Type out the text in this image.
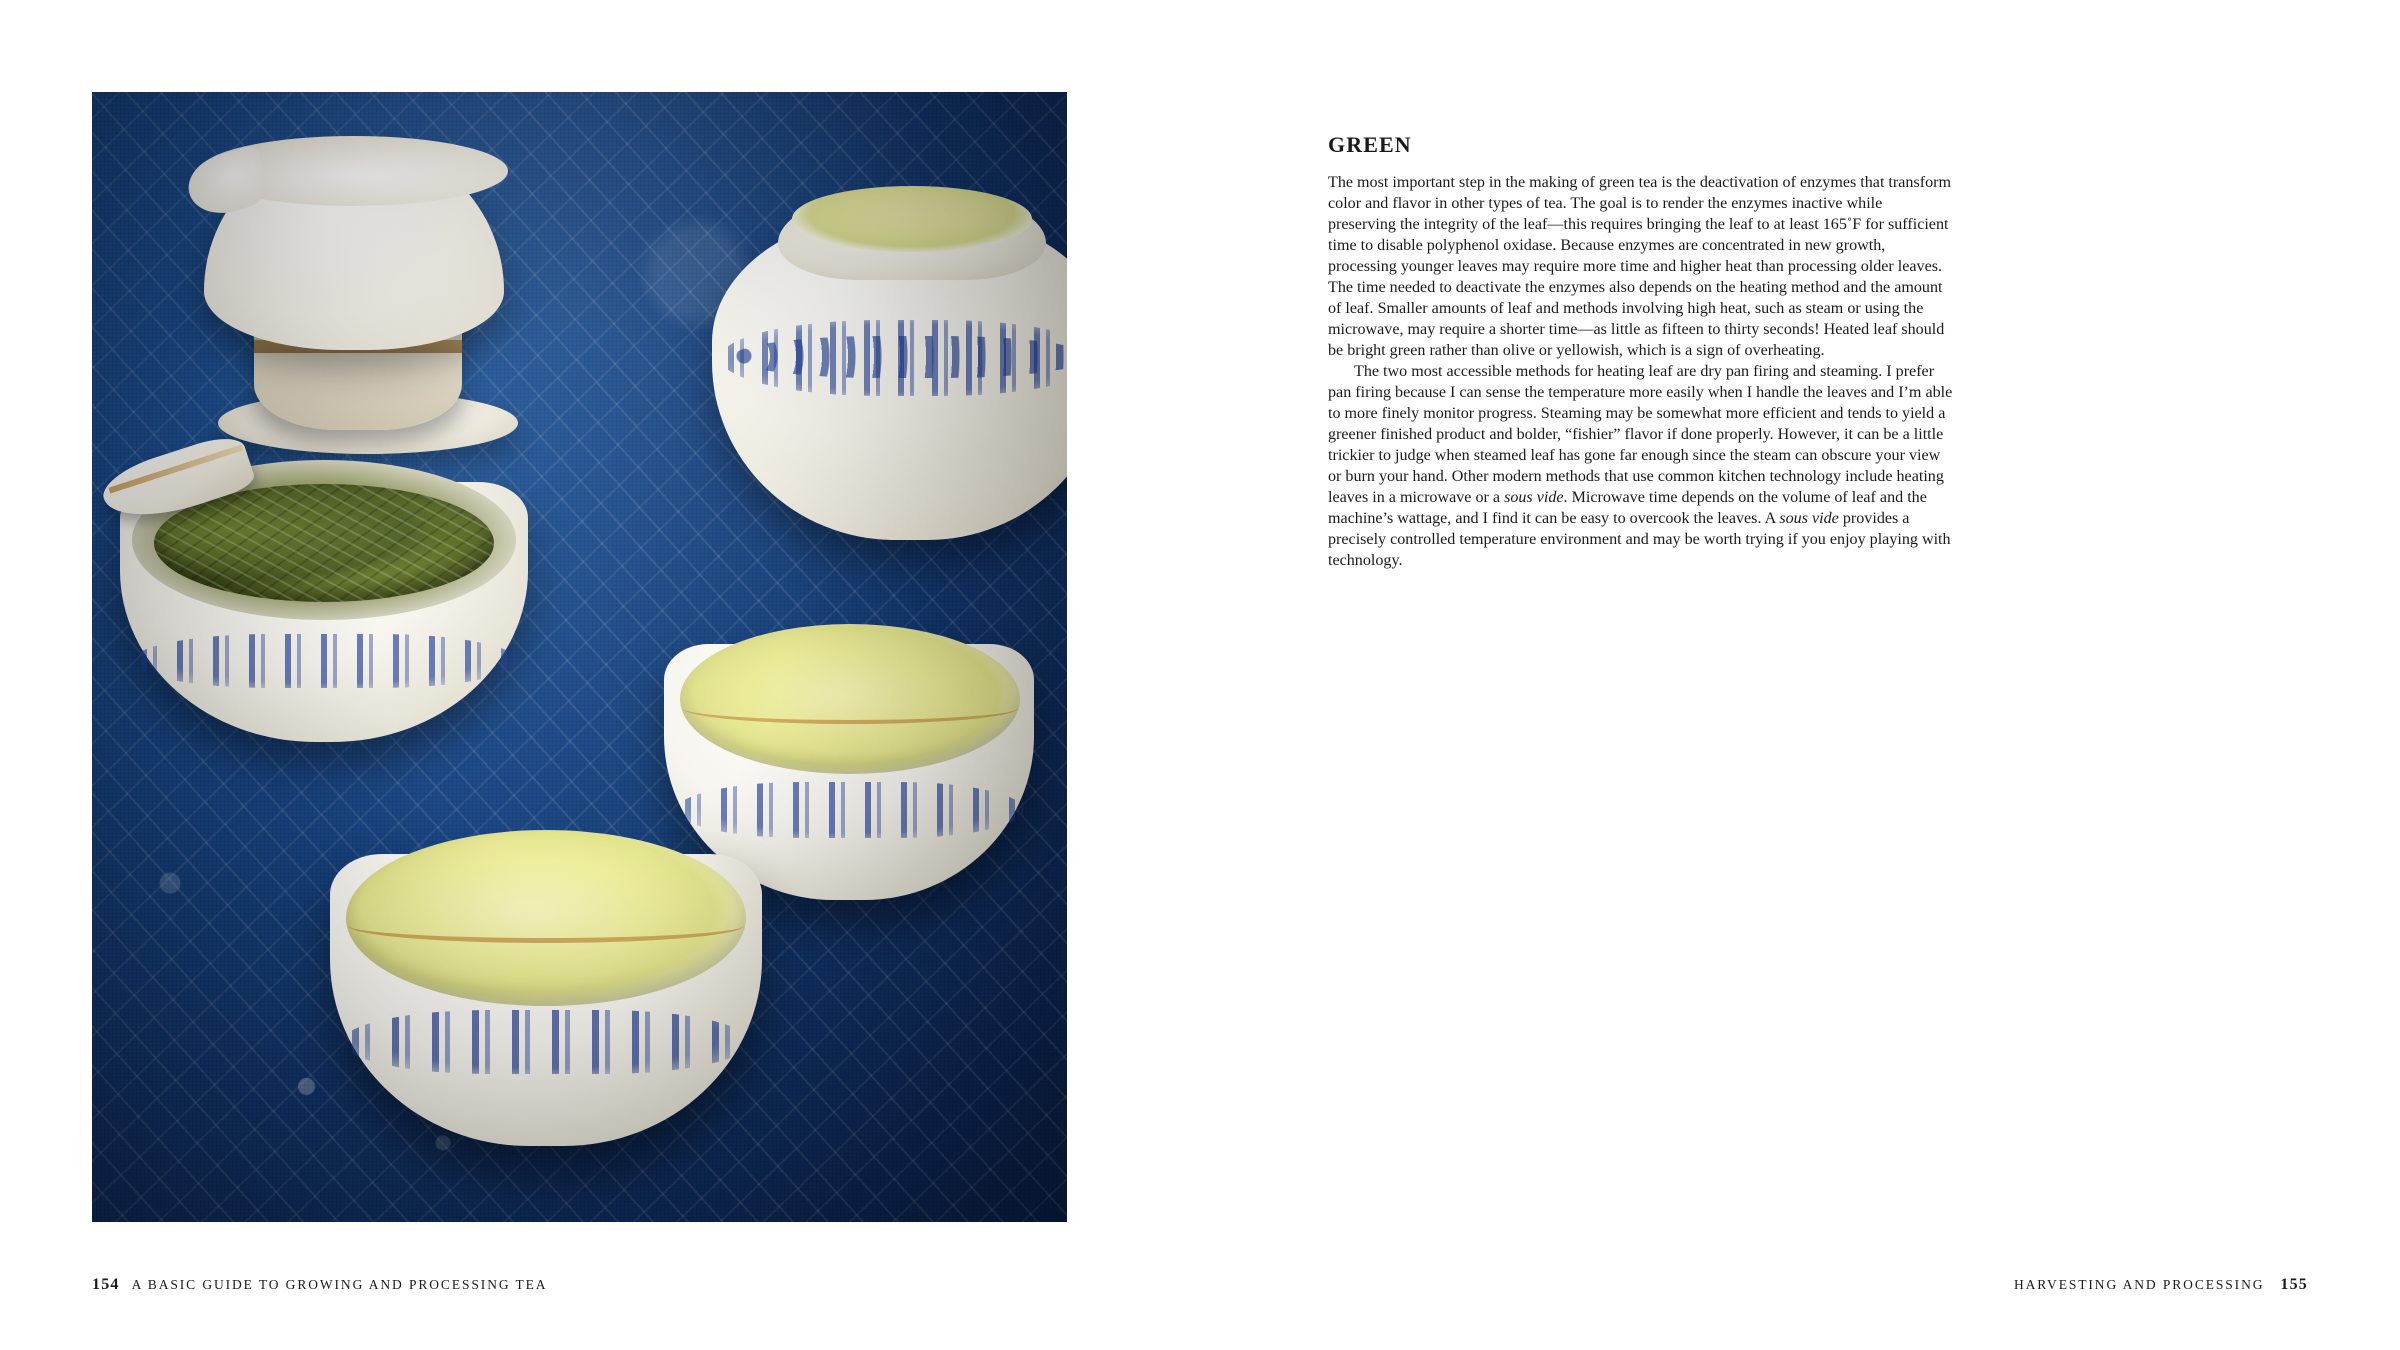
154 A BASIC GUIDE TO GROWING AND PROCESSING TEA
GREEN

The most important step in the making of green tea is the deactivation of enzymes that transform color and flavor in other types of tea. The goal is to render the enzymes inactive while preserving the integrity of the leaf—this requires bringing the leaf to at least 165˚F for sufficient time to disable polyphenol oxidase. Because enzymes are concentrated in new growth, processing younger leaves may require more time and higher heat than processing older leaves. The time needed to deactivate the enzymes also depends on the heating method and the amount of leaf. Smaller amounts of leaf and methods involving high heat, such as steam or using the microwave, may require a shorter time—as little as fifteen to thirty seconds! Heated leaf should be bright green rather than olive or yellowish, which is a sign of overheating.

The two most accessible methods for heating leaf are dry pan firing and steaming. I prefer pan firing because I can sense the temperature more easily when I handle the leaves and I’m able to more finely monitor progress. Steaming may be somewhat more efficient and tends to yield a greener finished product and bolder, “fishier” flavor if done properly. However, it can be a little trickier to judge when steamed leaf has gone far enough since the steam can obscure your view or burn your hand. Other modern methods that use common kitchen technology include heating leaves in a microwave or a sous vide. Microwave time depends on the volume of leaf and the machine’s wattage, and I find it can be easy to overcook the leaves. A sous vide provides a precisely controlled temperature environment and may be worth trying if you enjoy playing with technology.

HARVESTING AND PROCESSING 155
